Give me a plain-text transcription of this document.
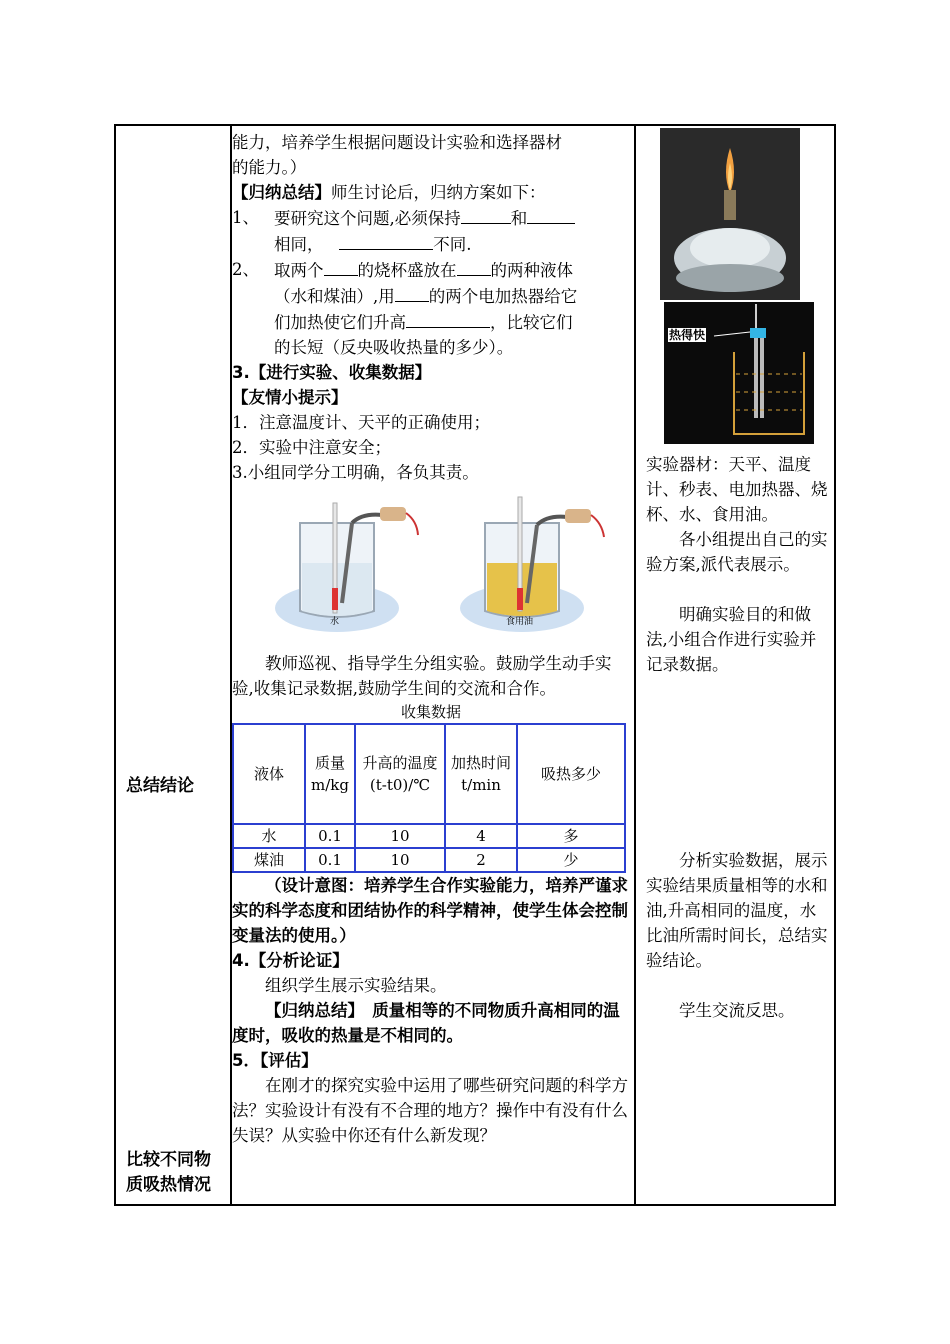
总结结论
比较不同物
质吸热情况

能力，培养学生根据问题设计实验和选择器材

的能力。）

【归纳总结】师生讨论后，归纳方案如下：

1、 要研究这个问题,必须保持	和
相同，	不同.
2、 取两个 的烧杯盛放在 的两种液体
（水和煤油）,用 的两个电加热器给它
们加热使它们升高	，比较它们
的长短（反央吸收热量的多少）。

3.【进行实验、收集数据】

【友情小提示】

1．注意温度计、天平的正确使用；

2．实验中注意安全；

3.小组同学分工明确，各负其责。

水	食用油

教师巡视、指导学生分组实验。鼓励学生动手实验,收集记录数据,鼓励学生间的交流和合作。

收集数据
液体	质量m/kg	升高的温度(t-t0)/℃	加热时间t/min	吸热多少
水	0.1	10	4	多
煤油	0.1	10	2	少

（设计意图：培养学生合作实验能力，培养严谨求实的科学态度和团结协作的科学精神，使学生体会控制变量法的使用。）

4.【分析论证】

组织学生展示实验结果。

【归纳总结】　质量相等的不同物质升高相同的温度时，吸收的热量是不相同的。

5．【评估】

在刚才的探究实验中运用了哪些研究问题的科学方法？实验设计有没有不合理的地方？操作中有没有什么失误？从实验中你还有什么新发现？

热得快

实验器材：天平、温度计、秒表、电加热器、烧杯、水、食用油。

各小组提出自己的实验方案,派代表展示。

明确实验目的和做法,小组合作进行实验并记录数据。

分析实验数据，展示实验结果质量相等的水和油,升高相同的温度，水比油所需时间长，总结实验结论。

学生交流反思。
